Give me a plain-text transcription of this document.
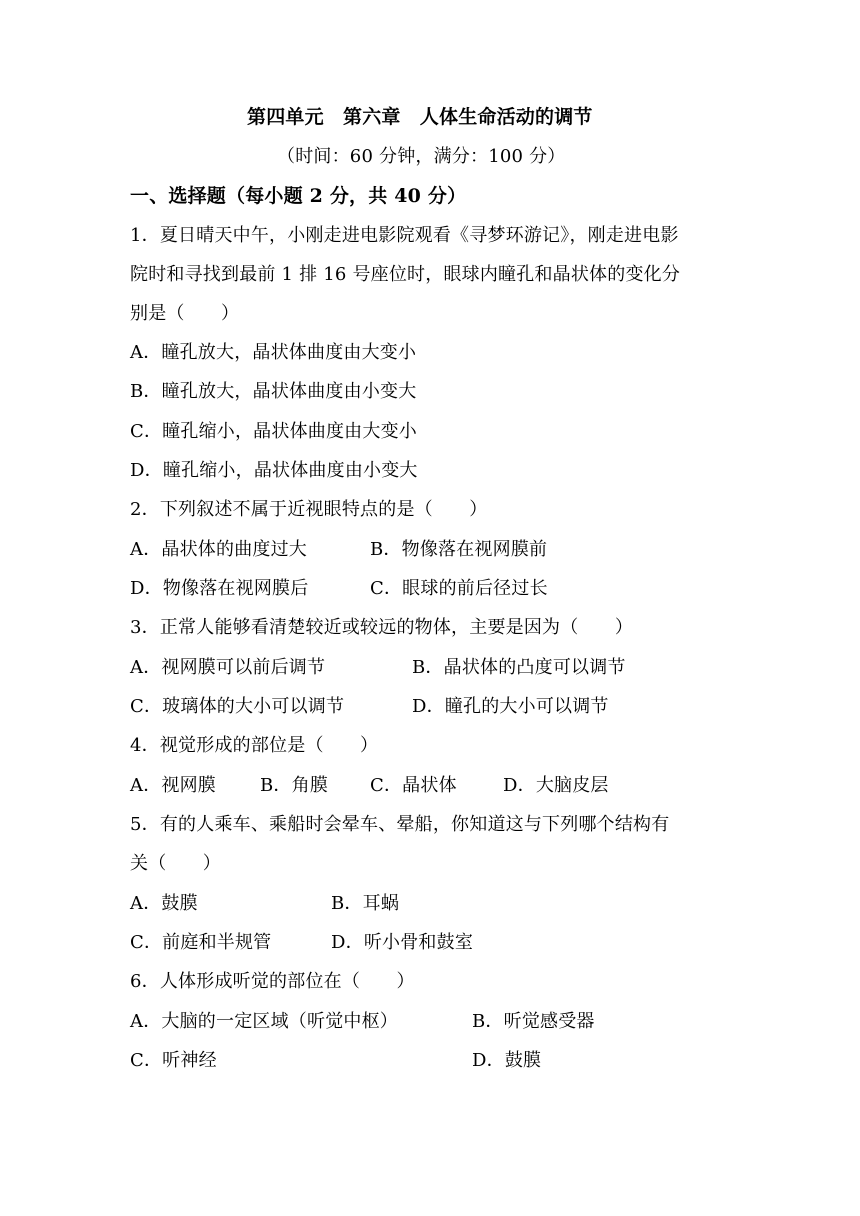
第四单元　第六章　人体生命活动的调节
（时间：60 分钟，满分：100 分）
一、选择题（每小题 2 分，共 40 分）
1．夏日晴天中午，小刚走进电影院观看《寻梦环游记》，刚走进电影
院时和寻找到最前 1 排 16 号座位时，眼球内瞳孔和晶状体的变化分
别是（　　）
A．瞳孔放大，晶状体曲度由大变小
B．瞳孔放大，晶状体曲度由小变大
C．瞳孔缩小，晶状体曲度由大变小
D．瞳孔缩小，晶状体曲度由小变大
2．下列叙述不属于近视眼特点的是（　　）
A．晶状体的曲度过大	B．物像落在视网膜前
D．物像落在视网膜后	C．眼球的前后径过长
3．正常人能够看清楚较近或较远的物体，主要是因为（　　）
A．视网膜可以前后调节	B．晶状体的凸度可以调节
C．玻璃体的大小可以调节	D．瞳孔的大小可以调节
4．视觉形成的部位是（　　）
A．视网膜 B．角膜 C．晶状体	D．大脑皮层
5．有的人乘车、乘船时会晕车、晕船，你知道这与下列哪个结构有
关（　　）
A．鼓膜	B．耳蜗
C．前庭和半规管	D．听小骨和鼓室
6．人体形成听觉的部位在（　　）
A．大脑的一定区域（听觉中枢）	B．听觉感受器
C．听神经	D．鼓膜
